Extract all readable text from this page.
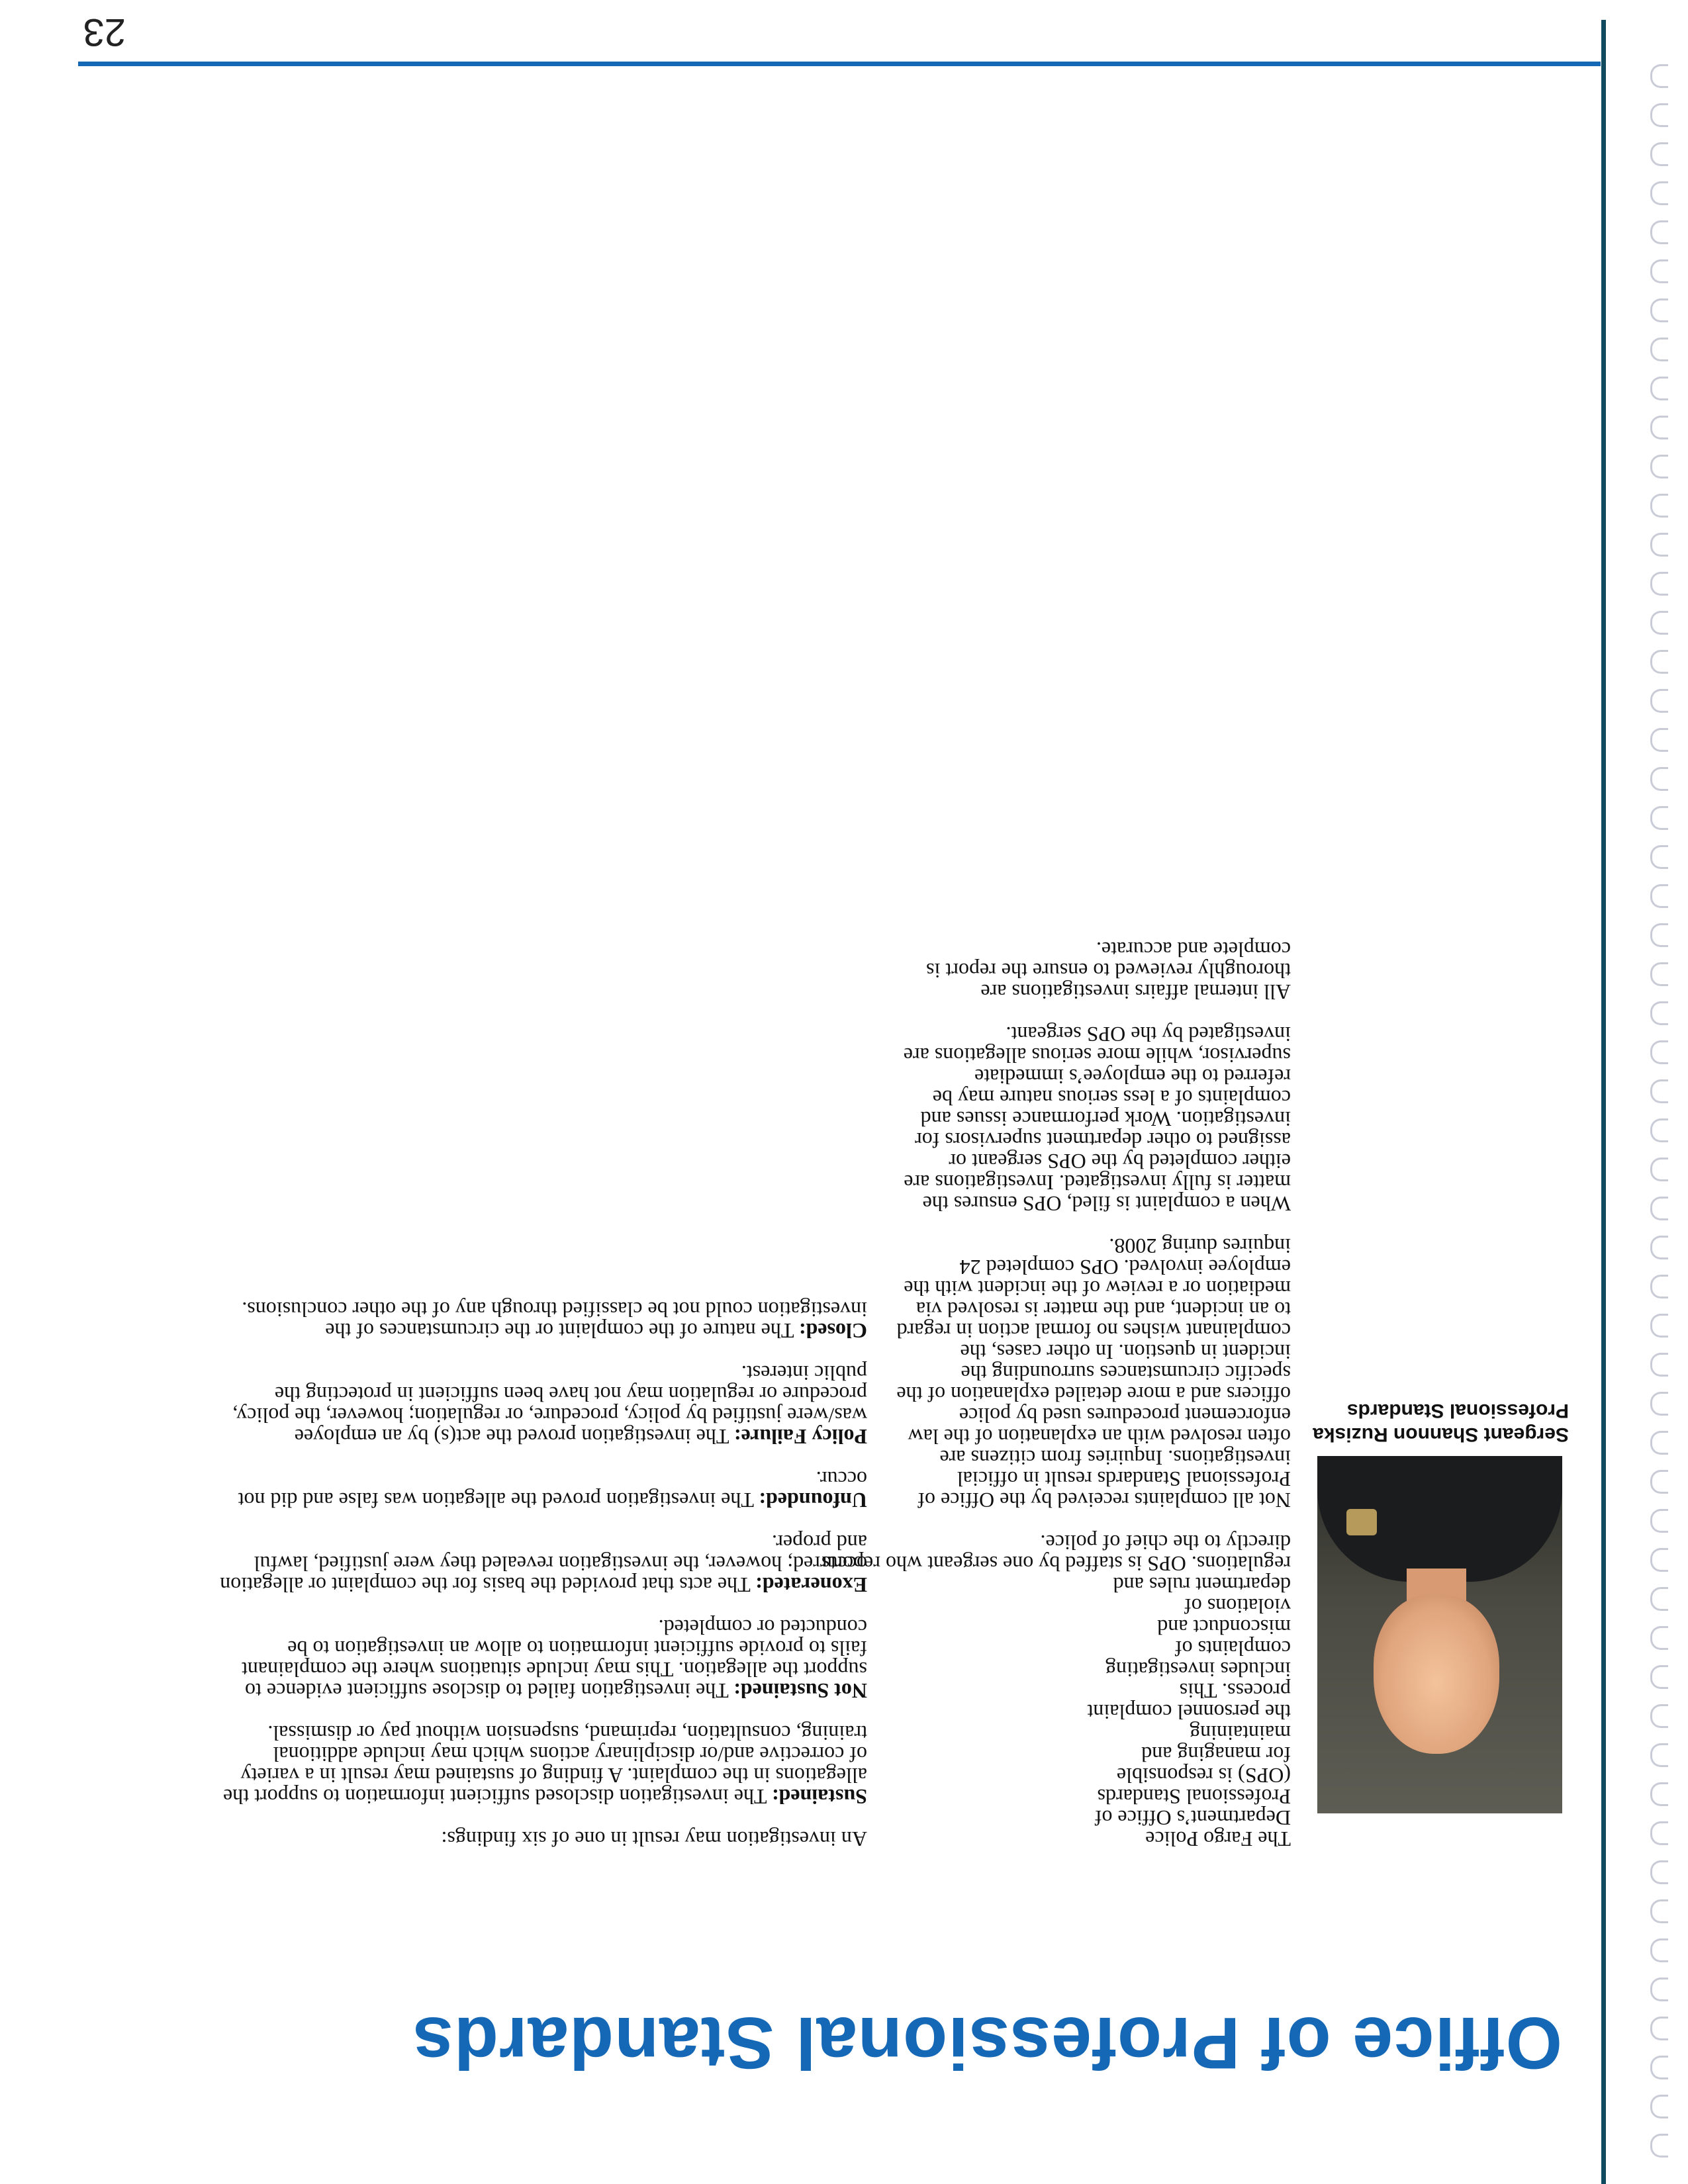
Office of Professional Standards
Sergeant Shannon Ruziska
Professional Standards

The Fargo Police
Department’s Office of
Professional Standards
(OPS) is responsible
for managing and
maintaining
the personnel complaint
process. This
includes investigating
complaints of
misconduct and
violations of
department rules and
regulations. OPS is staffed by one sergeant who reports
directly to the chief of police.

Not all complaints received by the Office of Professional Standards result in official investigations. Inquiries from citizens are often resolved with an explanation of the law enforcement procedures used by police officers and a more detailed explanation of the specific circumstances surrounding the incident in question. In other cases, the complainant wishes no formal action in regard to an incident, and the matter is resolved via mediation or a review of the incident with the employee involved. OPS completed 24 inquires during 2008.

When a complaint is filed, OPS ensures the matter is fully investigated. Investigations are either completed by the OPS sergeant or assigned to other department supervisors for investigation. Work performance issues and complaints of a less serious nature may be referred to the employee’s immediate supervisor, while more serious allegations are investigated by the OPS sergeant.

All internal affairs investigations are thoroughly reviewed to ensure the report is complete and accurate.

An investigation may result in one of six findings:

Sustained: The investigation disclosed sufficient information to support the allegations in the complaint. A finding of sustained may result in a variety of corrective and/or disciplinary actions which may include additional training, consultation, reprimand, suspension without pay or dismissal.

Not Sustained: The investigation failed to disclose sufficient evidence to support the allegation. This may include situations where the complainant fails to provide sufficient information to allow an investigation to be conducted or completed.

Exonerated: The acts that provided the basis for the complaint or allegation occurred; however, the investigation revealed they were justified, lawful and proper.

Unfounded: The investigation proved the allegation was false and did not occur.

Policy Failure: The investigation proved the act(s) by an employee was/were justified by policy, procedure, or regulation; however, the policy, procedure or regulation may not have been sufficient in protecting the public interest.

Closed: The nature of the complaint or the circumstances of the investigation could not be classified through any of the other conclusions.

23
